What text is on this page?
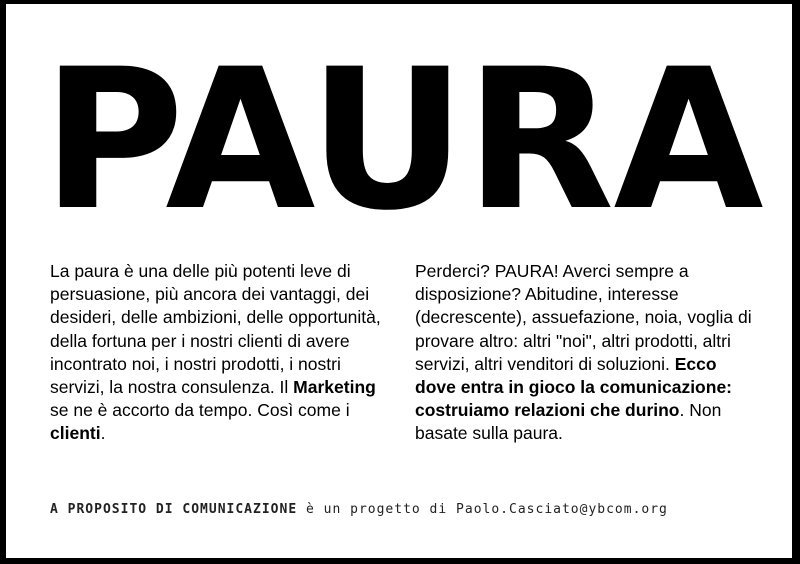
PAURA

La paura è una delle più potenti leve di persuasione, più ancora dei vantaggi, dei desideri, delle ambizioni, delle opportunità, della fortuna per i nostri clienti di avere incontrato noi, i nostri prodotti, i nostri servizi, la nostra consulenza. Il Marketing se ne è accorto da tempo. Così come i clienti.

Perderci? PAURA! Averci sempre a disposizione? Abitudine, interesse (decrescente), assuefazione, noia, voglia di provare altro: altri "noi", altri prodotti, altri servizi, altri venditori di soluzioni. Ecco dove entra in gioco la comunicazione: costruiamo relazioni che durino. Non basate sulla paura.

A PROPOSITO DI COMUNICAZIONE è un progetto di Paolo.Casciato@ybcom.org
